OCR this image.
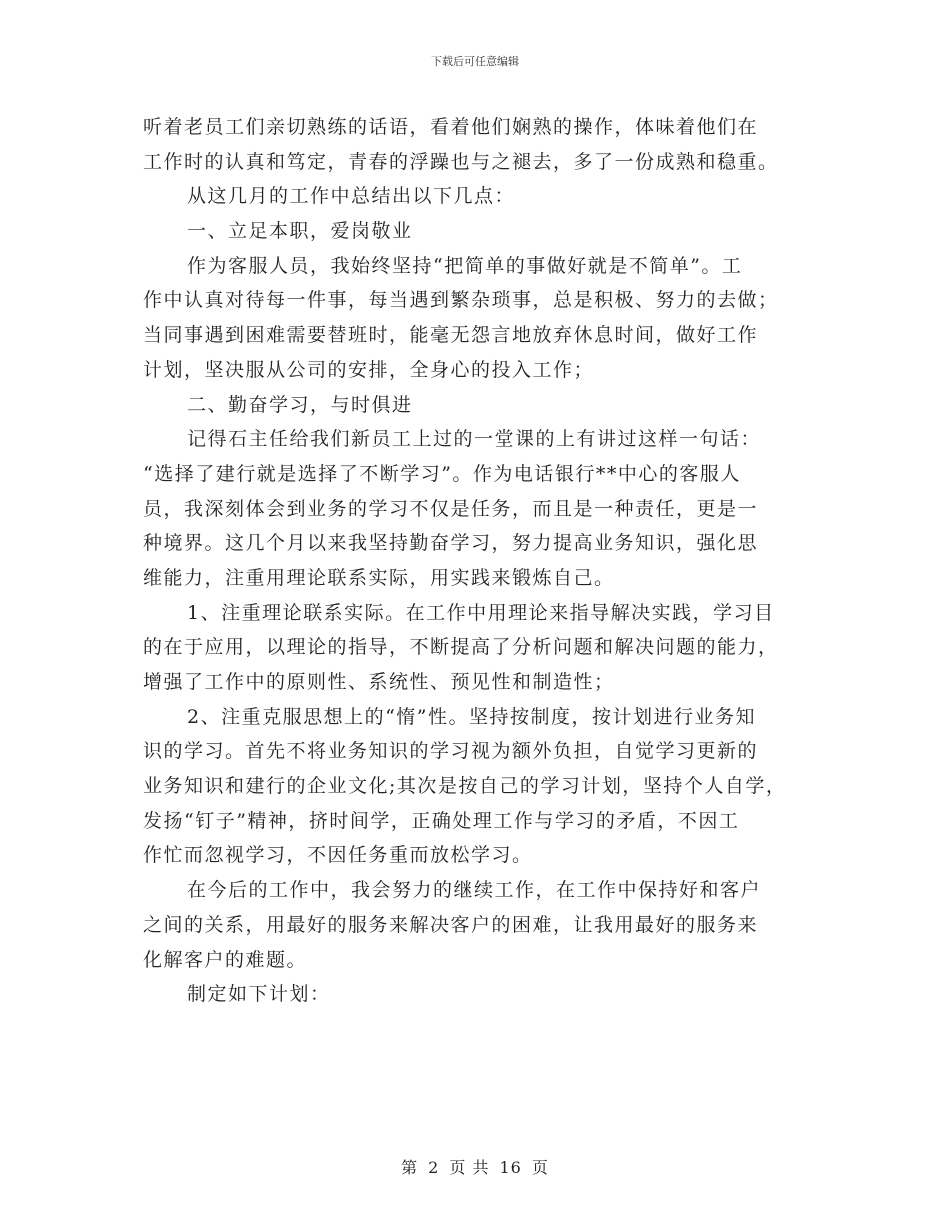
下载后可任意编辑
听着老员工们亲切熟练的话语，看着他们娴熟的操作，体味着他们在
工作时的认真和笃定，青春的浮躁也与之褪去，多了一份成熟和稳重。
从这几月的工作中总结出以下几点：
一、立足本职，爱岗敬业
作为客服人员，我始终坚持“把简单的事做好就是不简单”。工
作中认真对待每一件事，每当遇到繁杂琐事，总是积极、努力的去做；
当同事遇到困难需要替班时，能毫无怨言地放弃休息时间，做好工作
计划，坚决服从公司的安排，全身心的投入工作；
二、勤奋学习，与时俱进
记得石主任给我们新员工上过的一堂课的上有讲过这样一句话：
“选择了建行就是选择了不断学习”。作为电话银行**中心的客服人
员，我深刻体会到业务的学习不仅是任务，而且是一种责任，更是一
种境界。这几个月以来我坚持勤奋学习，努力提高业务知识，强化思
维能力，注重用理论联系实际，用实践来锻炼自己。
1、注重理论联系实际。在工作中用理论来指导解决实践，学习目
的在于应用，以理论的指导，不断提高了分析问题和解决问题的能力，
增强了工作中的原则性、系统性、预见性和制造性；
2、注重克服思想上的“惰”性。坚持按制度，按计划进行业务知
识的学习。首先不将业务知识的学习视为额外负担，自觉学习更新的
业务知识和建行的企业文化;其次是按自己的学习计划，坚持个人自学，
发扬“钉子”精神，挤时间学，正确处理工作与学习的矛盾，不因工
作忙而忽视学习，不因任务重而放松学习。
在今后的工作中，我会努力的继续工作，在工作中保持好和客户
之间的关系，用最好的服务来解决客户的困难，让我用最好的服务来
化解客户的难题。
制定如下计划：
第 2 页 共 16 页
